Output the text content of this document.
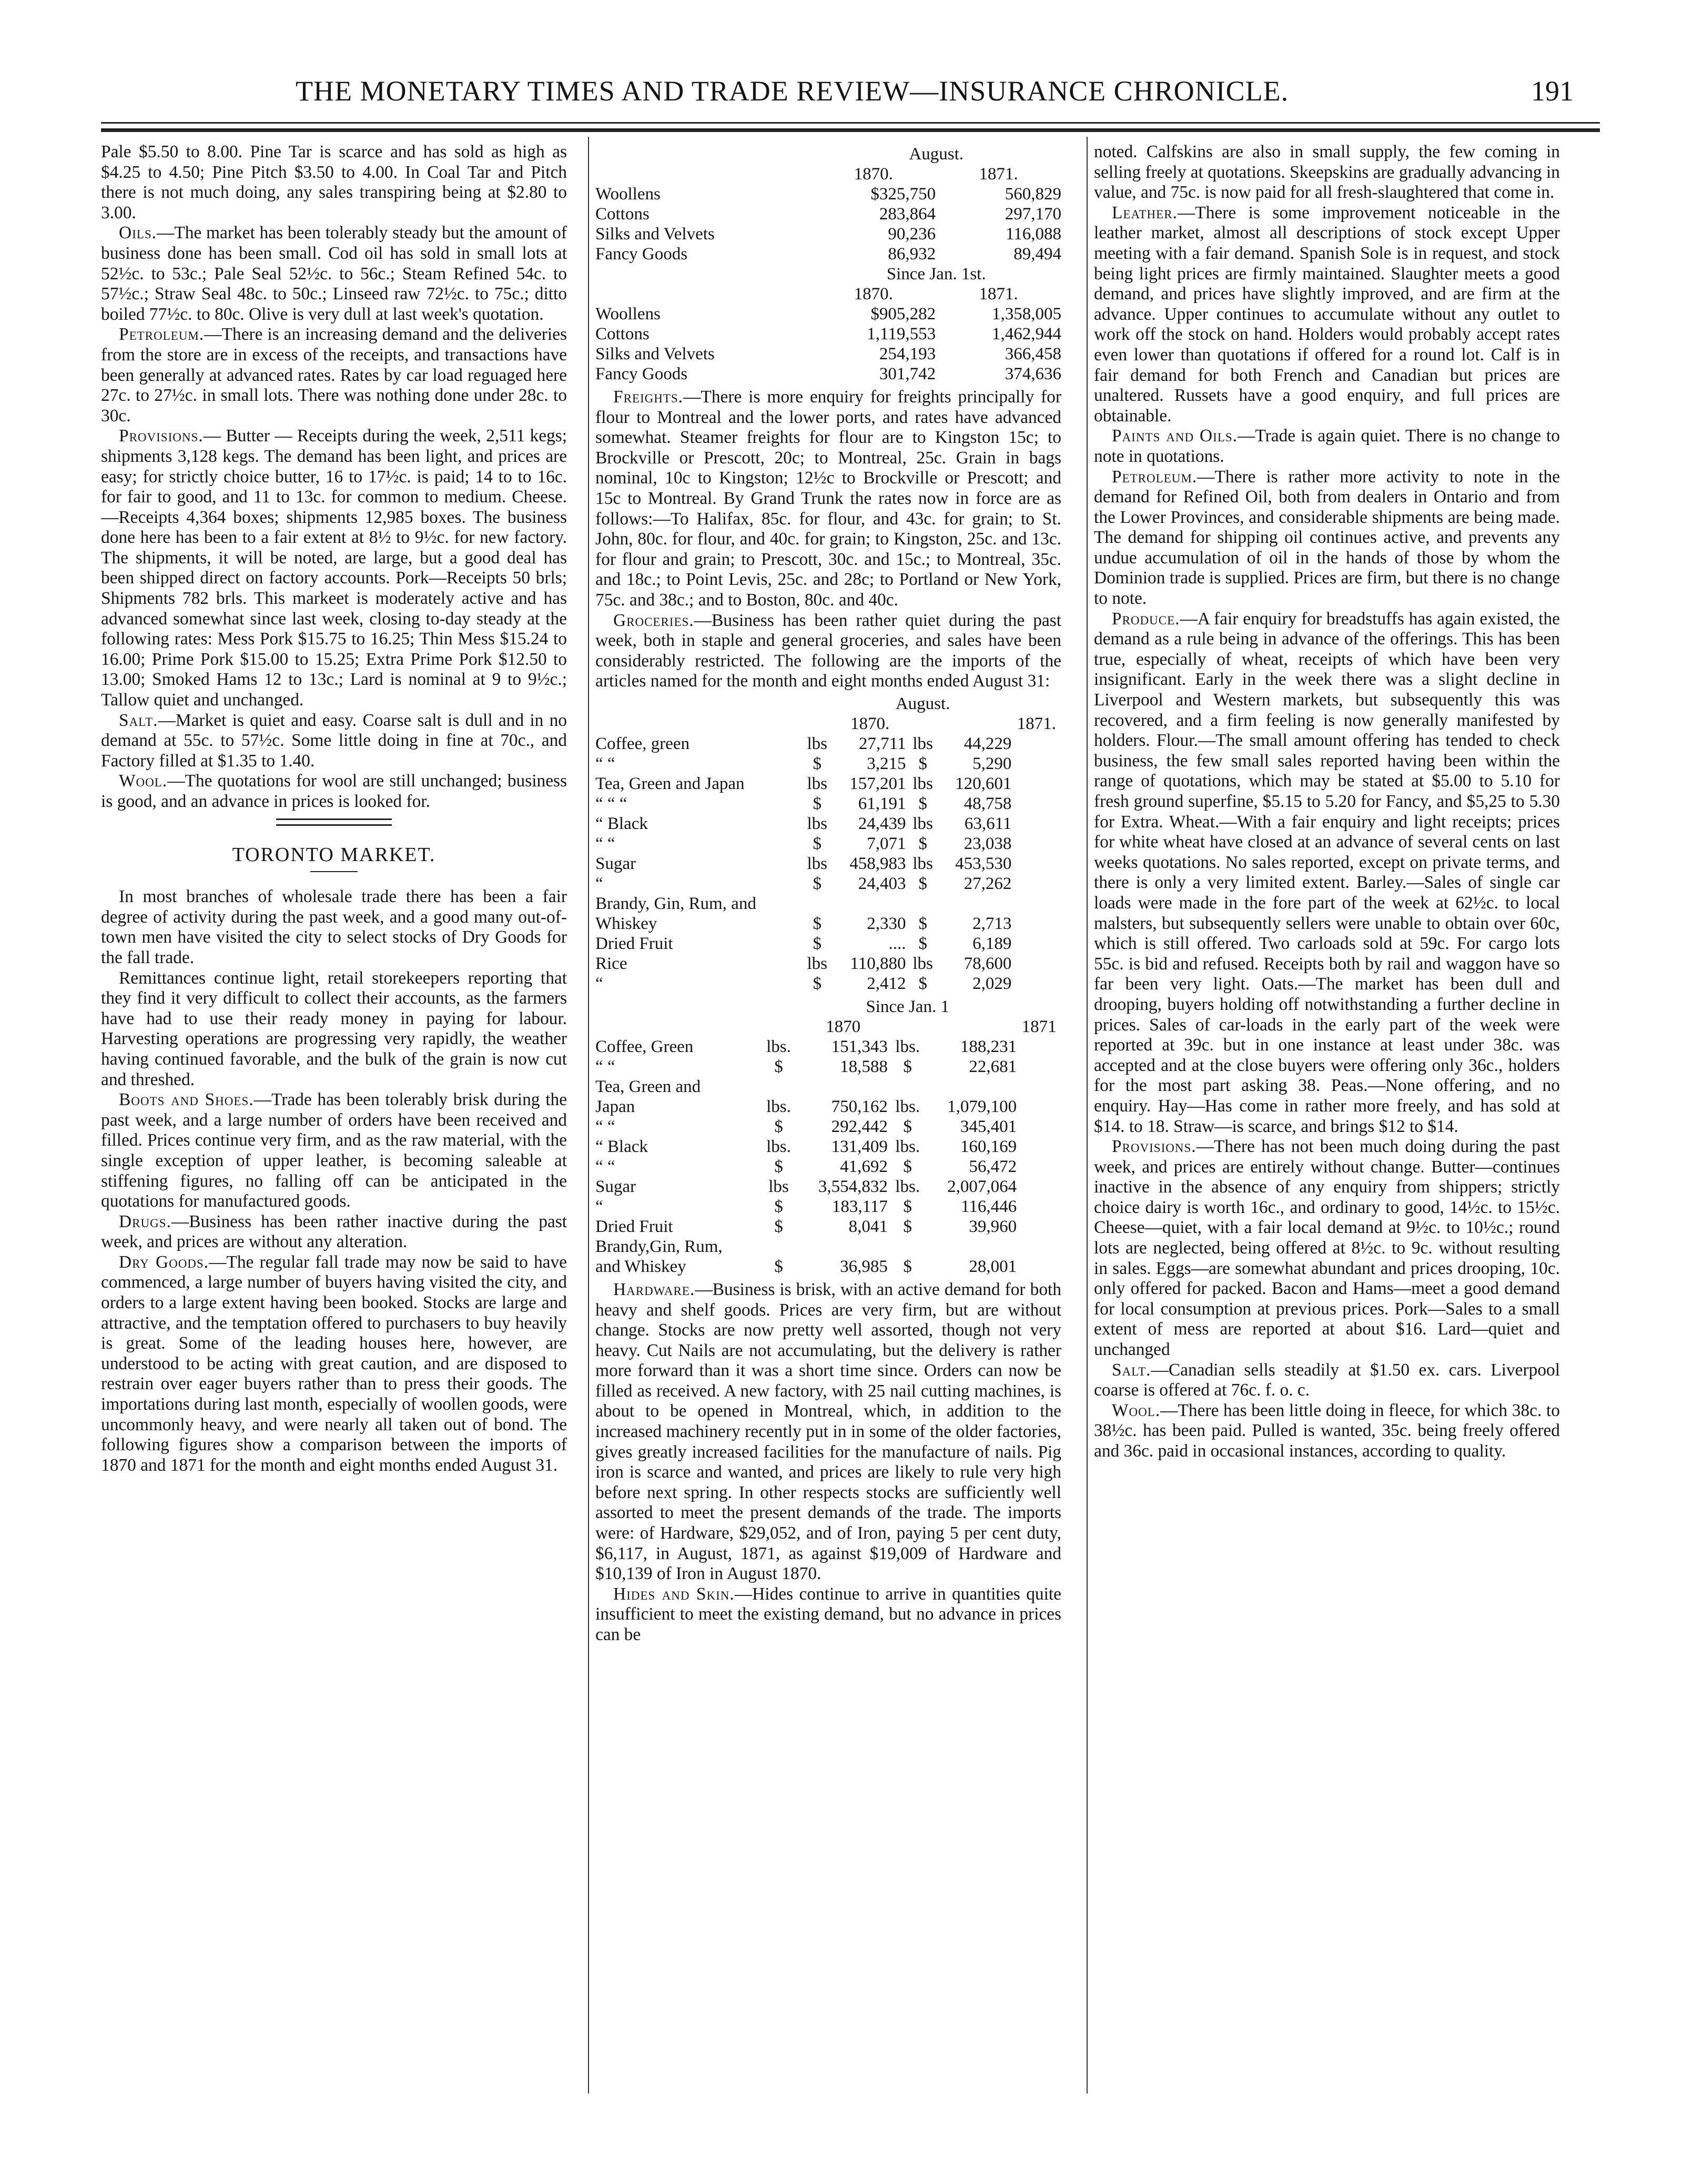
THE MONETARY TIMES AND TRADE REVIEW—INSURANCE CHRONICLE.	191

Pale $5.50 to 8.00. Pine Tar is scarce and has sold as high as $4.25 to 4.50; Pine Pitch $3.50 to 4.00. In Coal Tar and Pitch there is not much doing, any sales transpiring being at $2.80 to 3.00.

Oils.—The market has been tolerably steady but the amount of business done has been small. Cod oil has sold in small lots at 52½c. to 53c.; Pale Seal 52½c. to 56c.; Steam Refined 54c. to 57½c.; Straw Seal 48c. to 50c.; Linseed raw 72½c. to 75c.; ditto boiled 77½c. to 80c. Olive is very dull at last week's quotation.

Petroleum.—There is an increasing demand and the deliveries from the store are in excess of the receipts, and transactions have been generally at advanced rates. Rates by car load reguaged here 27c. to 27½c. in small lots. There was nothing done under 28c. to 30c.

Provisions.— Butter — Receipts during the week, 2,511 kegs; shipments 3,128 kegs. The demand has been light, and prices are easy; for strictly choice butter, 16 to 17½c. is paid; 14 to to 16c. for fair to good, and 11 to 13c. for common to medium. Cheese.—Receipts 4,364 boxes; shipments 12,985 boxes. The business done here has been to a fair extent at 8½ to 9½c. for new factory. The shipments, it will be noted, are large, but a good deal has been shipped direct on factory accounts. Pork—Receipts 50 brls; Shipments 782 brls. This markeet is moderately active and has advanced somewhat since last week, closing to-day steady at the following rates: Mess Pork $15.75 to 16.25; Thin Mess $15.24 to 16.00; Prime Pork $15.00 to 15.25; Extra Prime Pork $12.50 to 13.00; Smoked Hams 12 to 13c.; Lard is nominal at 9 to 9½c.; Tallow quiet and unchanged.

Salt.—Market is quiet and easy. Coarse salt is dull and in no demand at 55c. to 57½c. Some little doing in fine at 70c., and Factory filled at $1.35 to 1.40.

Wool.—The quotations for wool are still unchanged; business is good, and an advance in prices is looked for.

TORONTO MARKET.

In most branches of wholesale trade there has been a fair degree of activity during the past week, and a good many out-of-town men have visited the city to select stocks of Dry Goods for the fall trade.

Remittances continue light, retail storekeepers reporting that they find it very difficult to collect their accounts, as the farmers have had to use their ready money in paying for labour. Harvesting operations are progressing very rapidly, the weather having continued favorable, and the bulk of the grain is now cut and threshed.

Boots and Shoes.—Trade has been tolerably brisk during the past week, and a large number of orders have been received and filled. Prices continue very firm, and as the raw material, with the single exception of upper leather, is becoming saleable at stiffening figures, no falling off can be anticipated in the quotations for manufactured goods.

Drugs.—Business has been rather inactive during the past week, and prices are without any alteration.

Dry Goods.—The regular fall trade may now be said to have commenced, a large number of buyers having visited the city, and orders to a large extent having been booked. Stocks are large and attractive, and the temptation offered to purchasers to buy heavily is great. Some of the leading houses here, however, are understood to be acting with great caution, and are disposed to restrain over eager buyers rather than to press their goods. The importations during last month, especially of woollen goods, were uncommonly heavy, and were nearly all taken out of bond. The following figures show a comparison between the imports of 1870 and 1871 for the month and eight months ended August 31.

	August.	
	1870.	1871.
Woollens	$325,750	560,829
Cottons	283,864	297,170
Silks and Velvets	90,236	116,088
Fancy Goods	86,932	89,494
	Since Jan. 1st.	
	1870.	1871.
Woollens	$905,282	1,358,005
Cottons	1,119,553	1,462,944
Silks and Velvets	254,193	366,458
Fancy Goods	301,742	374,636

Freights.—There is more enquiry for freights principally for flour to Montreal and the lower ports, and rates have advanced somewhat. Steamer freights for flour are to Kingston 15c; to Brockville or Prescott, 20c; to Montreal, 25c. Grain in bags nominal, 10c to Kingston; 12½c to Brockville or Prescott; and 15c to Montreal. By Grand Trunk the rates now in force are as follows:—To Halifax, 85c. for flour, and 43c. for grain; to St. John, 80c. for flour, and 40c. for grain; to Kingston, 25c. and 13c. for flour and grain; to Prescott, 30c. and 15c.; to Montreal, 35c. and 18c.; to Point Levis, 25c. and 28c; to Portland or New York, 75c. and 38c.; and to Boston, 80c. and 40c.

Groceries.—Business has been rather quiet during the past week, both in staple and general groceries, and sales have been considerably restricted. The following are the imports of the articles named for the month and eight months ended August 31:

		August.			
		1870.			1871.
Coffee, green	lbs	27,711	lbs	44,229	
“ “	$	3,215	$	5,290	
Tea, Green and Japan	lbs	157,201	lbs	120,601	
“ “ “	$	61,191	$	48,758	
“ Black	lbs	24,439	lbs	63,611	
“ “	$	7,071	$	23,038	
Sugar	lbs	458,983	lbs	453,530	
“	$	24,403	$	27,262	
Brandy, Gin, Rum, and					
Whiskey	$	2,330	$	2,713	
Dried Fruit	$	....	$	6,189	
Rice	lbs	110,880	lbs	78,600	
“	$	2,412	$	2,029	
		Since Jan. 1			
		1870			1871
Coffee, Green	lbs.	151,343	lbs.	188,231	
“ “	$	18,588	$	22,681	
Tea, Green and					
Japan	lbs.	750,162	lbs.	1,079,100	
“ “	$	292,442	$	345,401	
“ Black	lbs.	131,409	lbs.	160,169	
“ “	$	41,692	$	56,472	
Sugar	lbs	3,554,832	lbs.	2,007,064	
“	$	183,117	$	116,446	
Dried Fruit	$	8,041	$	39,960	
Brandy,Gin, Rum,					
and Whiskey	$	36,985	$	28,001	

Hardware.—Business is brisk, with an active demand for both heavy and shelf goods. Prices are very firm, but are without change. Stocks are now pretty well assorted, though not very heavy. Cut Nails are not accumulating, but the delivery is rather more forward than it was a short time since. Orders can now be filled as received. A new factory, with 25 nail cutting machines, is about to be opened in Montreal, which, in addition to the increased machinery recently put in in some of the older factories, gives greatly increased facilities for the manufacture of nails. Pig iron is scarce and wanted, and prices are likely to rule very high before next spring. In other respects stocks are sufficiently well assorted to meet the present demands of the trade. The imports were: of Hardware, $29,052, and of Iron, paying 5 per cent duty, $6,117, in August, 1871, as against $19,009 of Hardware and $10,139 of Iron in August 1870.

Hides and Skin.—Hides continue to arrive in quantities quite insufficient to meet the existing demand, but no advance in prices can be

noted. Calfskins are also in small supply, the few coming in selling freely at quotations. Skeepskins are gradually advancing in value, and 75c. is now paid for all fresh-slaughtered that come in.

Leather.—There is some improvement noticeable in the leather market, almost all descriptions of stock except Upper meeting with a fair demand. Spanish Sole is in request, and stock being light prices are firmly maintained. Slaughter meets a good demand, and prices have slightly improved, and are firm at the advance. Upper continues to accumulate without any outlet to work off the stock on hand. Holders would probably accept rates even lower than quotations if offered for a round lot. Calf is in fair demand for both French and Canadian but prices are unaltered. Russets have a good enquiry, and full prices are obtainable.

Paints and Oils.—Trade is again quiet. There is no change to note in quotations.

Petroleum.—There is rather more activity to note in the demand for Refined Oil, both from dealers in Ontario and from the Lower Provinces, and considerable shipments are being made. The demand for shipping oil continues active, and prevents any undue accumulation of oil in the hands of those by whom the Dominion trade is supplied. Prices are firm, but there is no change to note.

Produce.—A fair enquiry for breadstuffs has again existed, the demand as a rule being in advance of the offerings. This has been true, especially of wheat, receipts of which have been very insignificant. Early in the week there was a slight decline in Liverpool and Western markets, but subsequently this was recovered, and a firm feeling is now generally manifested by holders. Flour.—The small amount offering has tended to check business, the few small sales reported having been within the range of quotations, which may be stated at $5.00 to 5.10 for fresh ground superfine, $5.15 to 5.20 for Fancy, and $5,25 to 5.30 for Extra. Wheat.—With a fair enquiry and light receipts; prices for white wheat have closed at an advance of several cents on last weeks quotations. No sales reported, except on private terms, and there is only a very limited extent. Barley.—Sales of single car loads were made in the fore part of the week at 62½c. to local malsters, but subsequently sellers were unable to obtain over 60c, which is still offered. Two carloads sold at 59c. For cargo lots 55c. is bid and refused. Receipts both by rail and waggon have so far been very light. Oats.—The market has been dull and drooping, buyers holding off notwithstanding a further decline in prices. Sales of car-loads in the early part of the week were reported at 39c. but in one instance at least under 38c. was accepted and at the close buyers were offering only 36c., holders for the most part asking 38. Peas.—None offering, and no enquiry. Hay—Has come in rather more freely, and has sold at $14. to 18. Straw—is scarce, and brings $12 to $14.

Provisions.—There has not been much doing during the past week, and prices are entirely without change. Butter—continues inactive in the absence of any enquiry from shippers; strictly choice dairy is worth 16c., and ordinary to good, 14½c. to 15½c. Cheese—quiet, with a fair local demand at 9½c. to 10½c.; round lots are neglected, being offered at 8½c. to 9c. without resulting in sales. Eggs—are somewhat abundant and prices drooping, 10c. only offered for packed. Bacon and Hams—meet a good demand for local consumption at previous prices. Pork—Sales to a small extent of mess are reported at about $16. Lard—quiet and unchanged

Salt.—Canadian sells steadily at $1.50 ex. cars. Liverpool coarse is offered at 76c. f. o. c.

Wool.—There has been little doing in fleece, for which 38c. to 38½c. has been paid. Pulled is wanted, 35c. being freely offered and 36c. paid in occasional instances, according to quality.
